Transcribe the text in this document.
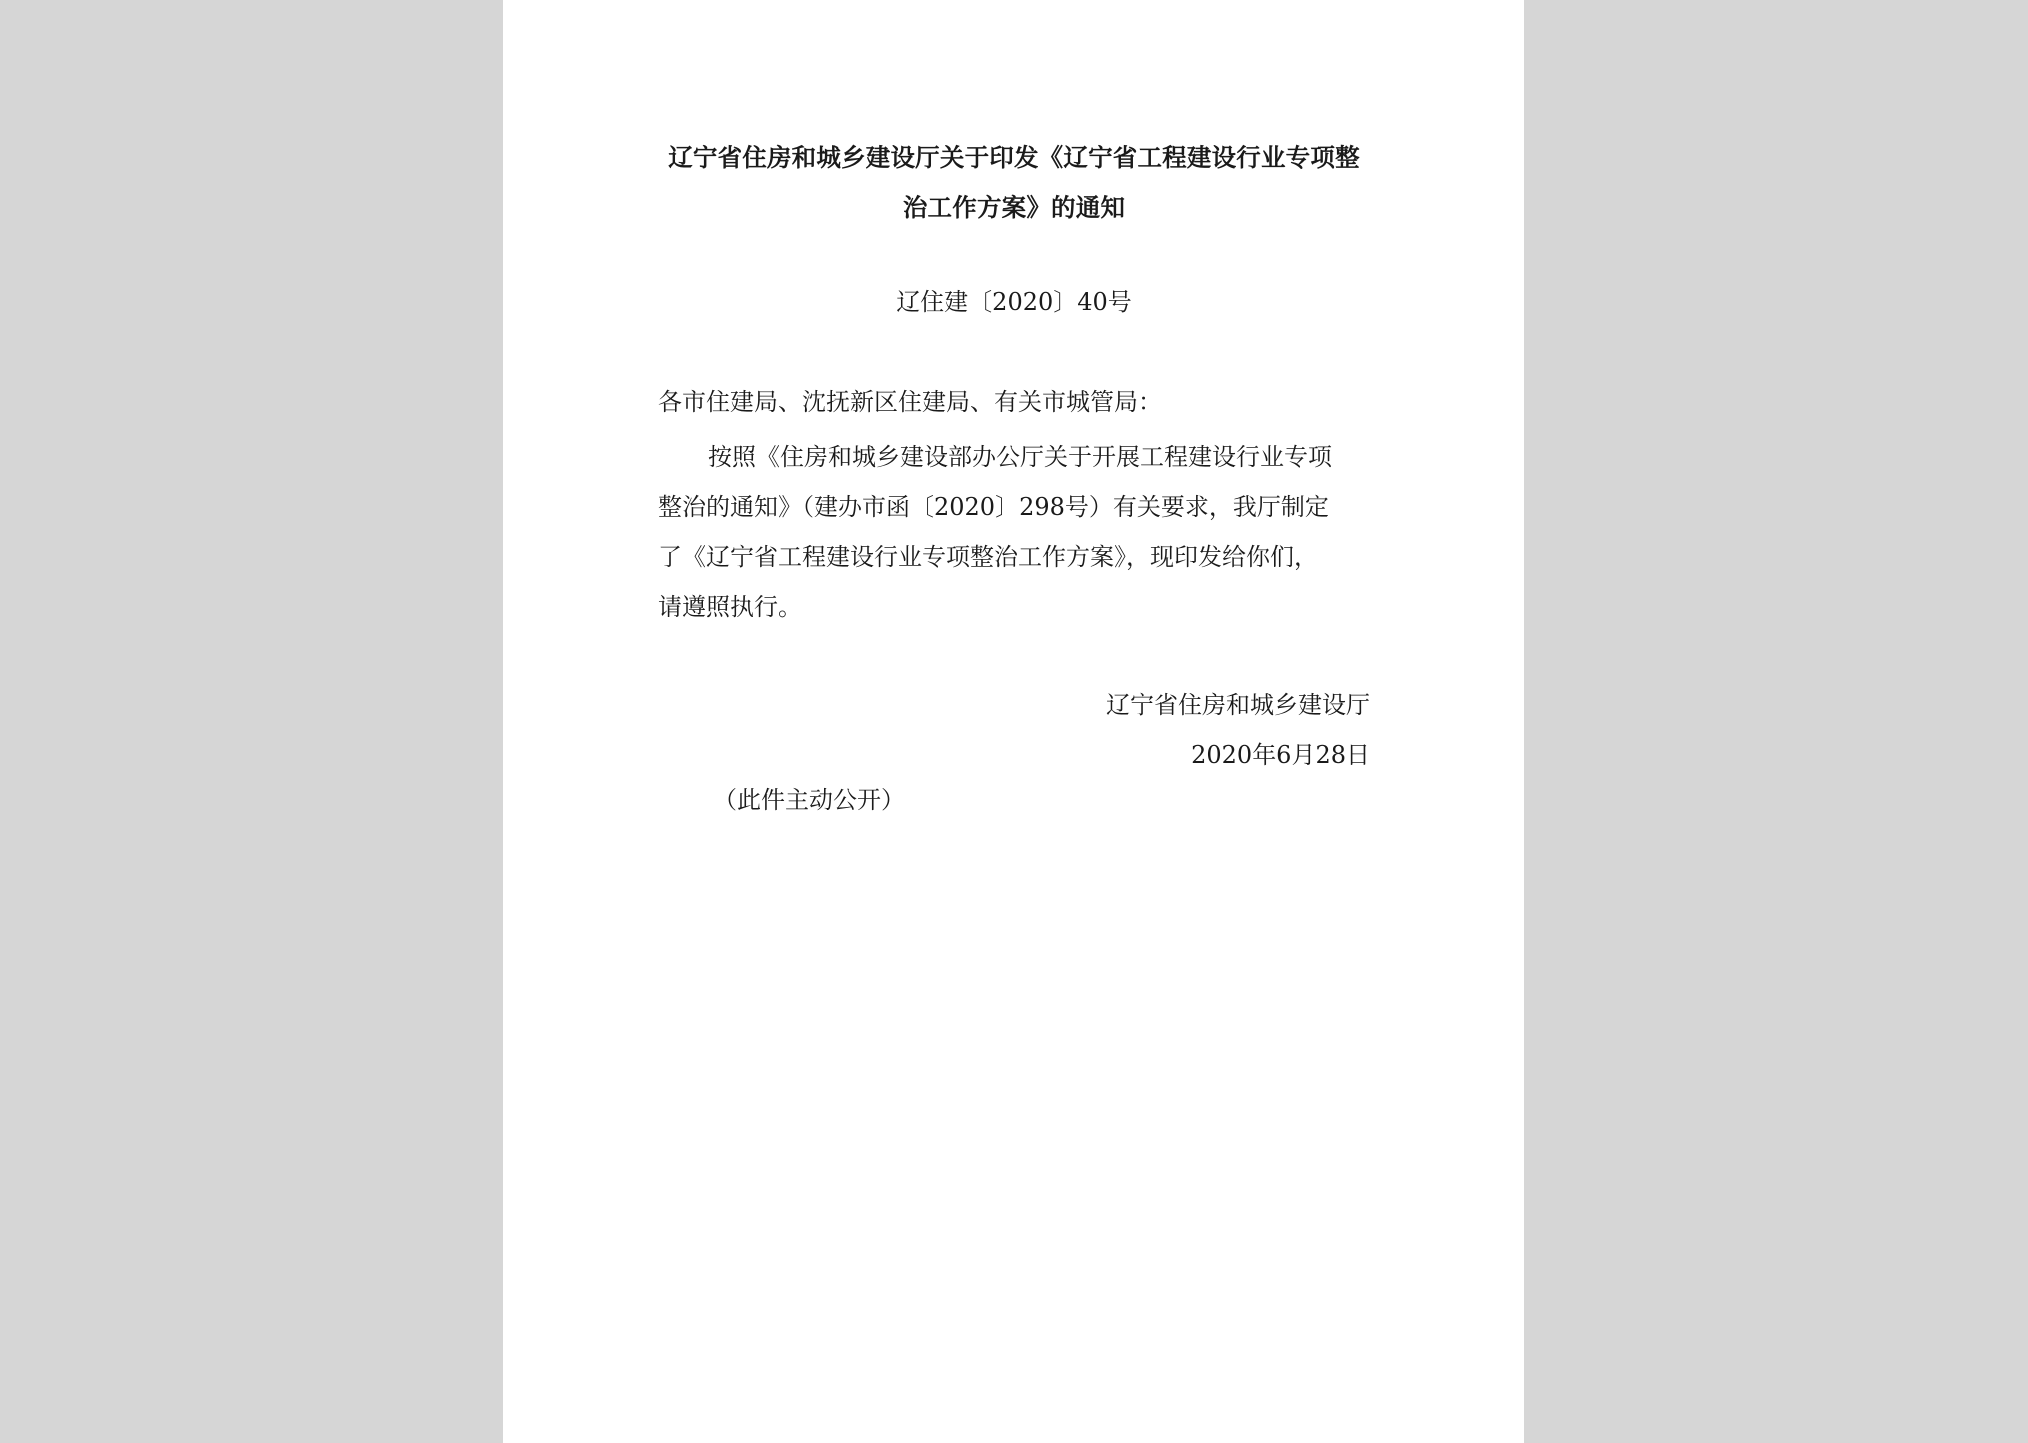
辽宁省住房和城乡建设厅关于印发《辽宁省工程建设行业专项整
治工作方案》的通知
辽住建〔2020〕40号
各市住建局、沈抚新区住建局、有关市城管局：
按照《住房和城乡建设部办公厅关于开展工程建设行业专项
整治的通知》（建办市函〔2020〕298号）有关要求，我厅制定
了《辽宁省工程建设行业专项整治工作方案》，现印发给你们，
请遵照执行。
辽宁省住房和城乡建设厅
2020年6月28日
（此件主动公开）
